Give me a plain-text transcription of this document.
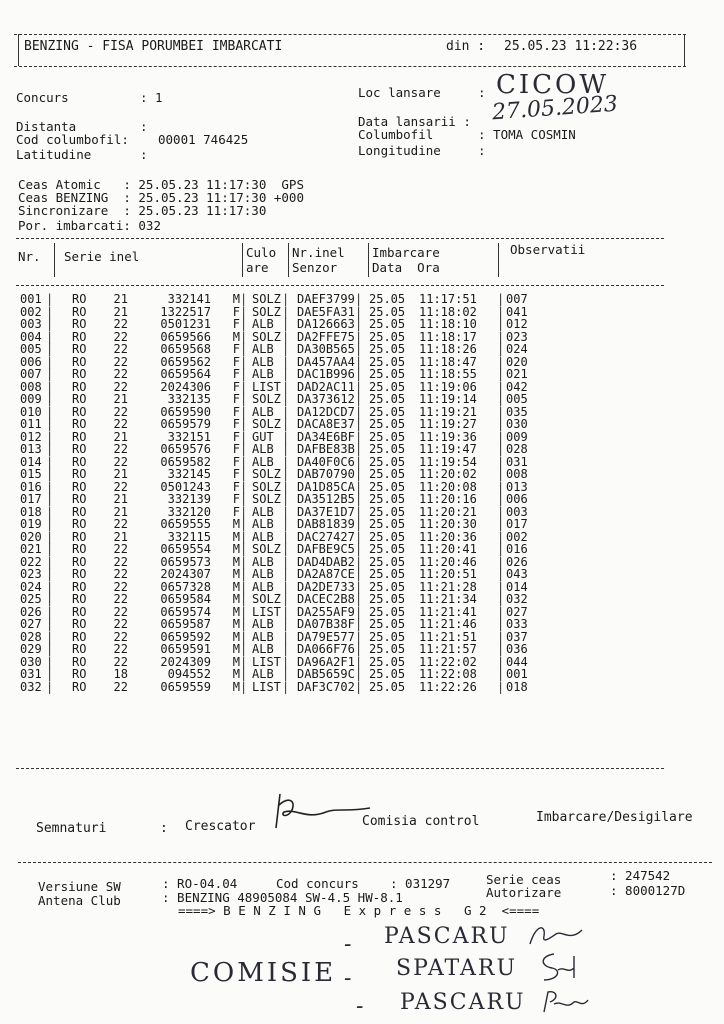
BENZING - FISA PORUMBEI IMBARCATI	din : 25.05.23 11:22:36
Concurs	: 1
Distanta	:
Cod columbofil: 00001 746425
Latitudine	:
Loc lansare	: CICOW
Data lansarii : 27.05.2023
Columbofil	: TOMA COSMIN
Longitudine	:
Ceas Atomic   : 25.05.23 11:17:30  GPS
Ceas BENZING  : 25.05.23 11:17:30 +000
Sincronizare  : 25.05.23 11:17:30
Por. imbarcati: 032
Nr. Serie inel	Culo
are
Nr.inel
Senzor
Imbarcare
Data  Ora
Observatii
001	RO	21	332141	M SOLZ	DAEF3799	25.05	11:17:51	007
|	|	|	|	|
002	RO	21	1322517	F SOLZ	DAE5FA31	25.05	11:18:02	041
|	|	|	|	|
003	RO	22	0501231	F ALB	DA126663	25.05	11:18:10	012
|	|	|	|	|
004	RO	22	0659566	M SOLZ	DA2FFE75	25.05	11:18:17	023
|	|	|	|	|
005	RO	22	0659568	F ALB	DA30B565	25.05	11:18:26	024
|	|	|	|	|
006	RO	22	0659562	F ALB	DA457AA4	25.05	11:18:47	020
|	|	|	|	|
007	RO	22	0659564	F ALB	DAC1B996	25.05	11:18:55	021
|	|	|	|	|
008	RO	22	2024306	F LIST	DAD2AC11	25.05	11:19:06	042
|	|	|	|	|
009	RO	21	332135	F SOLZ	DA373612	25.05	11:19:14	005
|	|	|	|	|
010	RO	22	0659590	F ALB	DA12DCD7	25.05	11:19:21	035
|	|	|	|	|
011	RO	22	0659579	F SOLZ	DACA8E37	25.05	11:19:27	030
|	|	|	|	|
012	RO	21	332151	F GUT	DA34E6BF	25.05	11:19:36	009
|	|	|	|	|
013	RO	22	0659576	F ALB	DAFBE83B	25.05	11:19:47	028
|	|	|	|	|
014	RO	22	0659582	F ALB	DA40F0C6	25.05	11:19:54	031
|	|	|	|	|
015	RO	21	332145	F SOLZ	DAB70790	25.05	11:20:02	008
|	|	|	|	|
016	RO	22	0501243	F SOLZ	DA1D85CA	25.05	11:20:08	013
|	|	|	|	|
017	RO	21	332139	F SOLZ	DA3512B5	25.05	11:20:16	006
|	|	|	|	|
018	RO	21	332120	F ALB	DA37E1D7	25.05	11:20:21	003
|	|	|	|	|
019	RO	22	0659555	M ALB	DAB81839	25.05	11:20:30	017
|	|	|	|	|
020	RO	21	332115	M ALB	DAC27427	25.05	11:20:36	002
|	|	|	|	|
021	RO	22	0659554	M SOLZ	DAFBE9C5	25.05	11:20:41	016
|	|	|	|	|
022	RO	22	0659573	M ALB	DAD4DAB2	25.05	11:20:46	026
|	|	|	|	|
023	RO	22	2024307	M ALB	DA2A87CE	25.05	11:20:51	043
|	|	|	|	|
024	RO	22	0657328	M ALB	DA2DE733	25.05	11:21:28	014
|	|	|	|	|
025	RO	22	0659584	M SOLZ	DACEC2B8	25.05	11:21:34	032
|	|	|	|	|
026	RO	22	0659574	M LIST	DA255AF9	25.05	11:21:41	027
|	|	|	|	|
027	RO	22	0659587	M ALB	DA07B38F	25.05	11:21:46	033
|	|	|	|	|
028	RO	22	0659592	M ALB	DA79E577	25.05	11:21:51	037
|	|	|	|	|
029	RO	22	0659591	M ALB	DA066F76	25.05	11:21:57	036
|	|	|	|	|
030	RO	22	2024309	M LIST	DA96A2F1	25.05	11:22:02	044
|	|	|	|	|
031	RO	18	094552	M ALB	DAB5659C	25.05	11:22:08	001
|	|	|	|	|
032	RO	22	0659559	M LIST	DAF3C702	25.05	11:22:26	018
|	|	|	|	|
Semnaturi	: Crescator	Comisia control	Imbarcare/Desigilare
Versiune SW	: RO-04.04	Cod concurs : 031297	Serie ceas	: 247542
Antena Club	: BENZING 48905084 SW-4.5 HW-8.1	Autorizare	: 8000127D
====> B E N Z I N G   E x p r e s s   G 2  <====
COMISIE -
-
-
PASCARU
SPATARU
PASCARU
